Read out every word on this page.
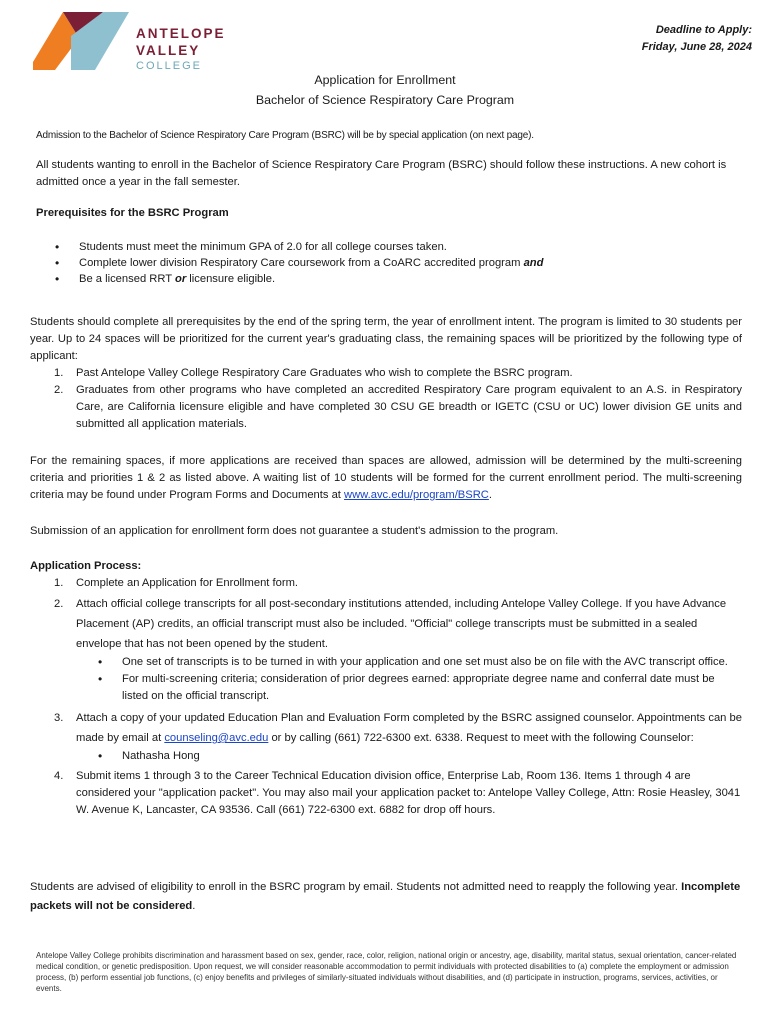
ANTELOPE
VALLEY
COLLEGE
Deadline to Apply:
Friday, June 28, 2024
Application for Enrollment
Bachelor of Science Respiratory Care Program
Admission to the Bachelor of Science Respiratory Care Program (BSRC) will be by special application (on next page).
All students wanting to enroll in the Bachelor of Science Respiratory Care Program (BSRC) should follow these instructions. A new cohort is admitted once a year in the fall semester.
Prerequisites for the BSRC Program
• Students must meet the minimum GPA of 2.0 for all college courses taken.
• Complete lower division Respiratory Care coursework from a CoARC accredited program and
• Be a licensed RRT or licensure eligible.
Students should complete all prerequisites by the end of the spring term, the year of enrollment intent. The program is limited to 30 students per year. Up to 24 spaces will be prioritized for the current year's graduating class, the remaining spaces will be prioritized by the following type of applicant:
1. Past Antelope Valley College Respiratory Care Graduates who wish to complete the BSRC program.
2. Graduates from other programs who have completed an accredited Respiratory Care program equivalent to an A.S. in Respiratory Care, are California licensure eligible and have completed 30 CSU GE breadth or IGETC (CSU or UC) lower division GE units and submitted all application materials.
For the remaining spaces, if more applications are received than spaces are allowed, admission will be determined by the multi-screening criteria and priorities 1 & 2 as listed above. A waiting list of 10 students will be formed for the current enrollment period. The multi-screening criteria may be found under Program Forms and Documents at www.avc.edu/program/BSRC.
Submission of an application for enrollment form does not guarantee a student's admission to the program.
Application Process:
1. Complete an Application for Enrollment form.
2. Attach official college transcripts for all post-secondary institutions attended, including Antelope Valley College. If you have Advance Placement (AP) credits, an official transcript must also be included. "Official" college transcripts must be submitted in a sealed envelope that has not been opened by the student.
• One set of transcripts is to be turned in with your application and one set must also be on file with the AVC transcript office.
• For multi-screening criteria; consideration of prior degrees earned: appropriate degree name and conferral date must be listed on the official transcript.
3. Attach a copy of your updated Education Plan and Evaluation Form completed by the BSRC assigned counselor. Appointments can be made by email at counseling@avc.edu or by calling (661) 722-6300 ext. 6338. Request to meet with the following Counselor:
• Nathasha Hong
4. Submit items 1 through 3 to the Career Technical Education division office, Enterprise Lab, Room 136. Items 1 through 4 are considered your "application packet". You may also mail your application packet to: Antelope Valley College, Attn: Rosie Heasley, 3041 W. Avenue K, Lancaster, CA 93536. Call (661) 722-6300 ext. 6882 for drop off hours.
Students are advised of eligibility to enroll in the BSRC program by email. Students not admitted need to reapply the following year. Incomplete packets will not be considered.
Antelope Valley College prohibits discrimination and harassment based on sex, gender, race, color, religion, national origin or ancestry, age, disability, marital status, sexual orientation, cancer-related medical condition, or genetic predisposition. Upon request, we will consider reasonable accommodation to permit individuals with protected disabilities to (a) complete the employment or admission process, (b) perform essential job functions, (c) enjoy benefits and privileges of similarly-situated individuals without disabilities, and (d) participate in instruction, programs, services, activities, or events.
